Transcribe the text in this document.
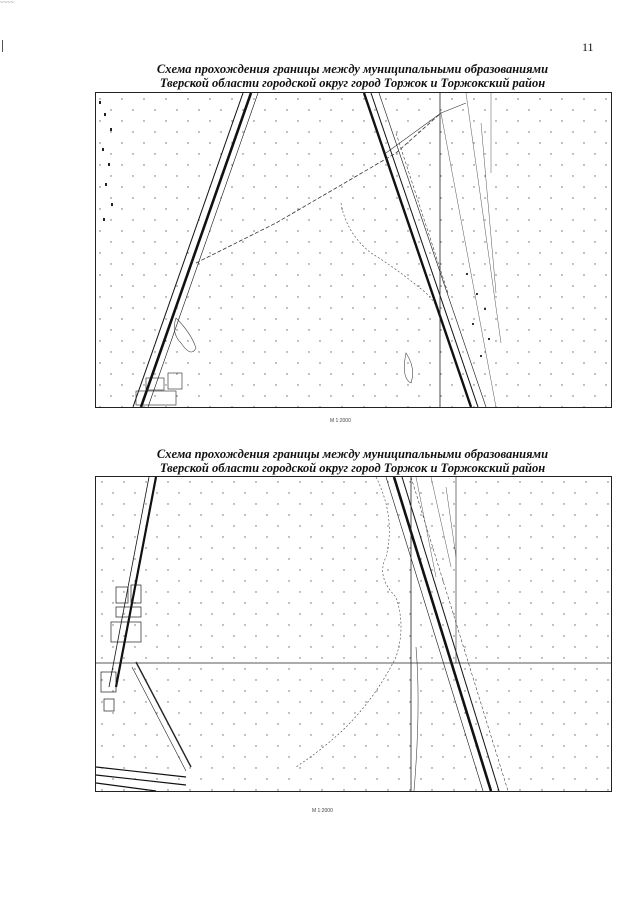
~~~~
11
Схема прохождения границы между муниципальными образованиями
Тверской области городской округ город Торжок и Торжокский район
М 1:2000
Схема прохождения границы между муниципальными образованиями
Тверской области городской округ город Торжок и Торжокский район
М 1:2000
